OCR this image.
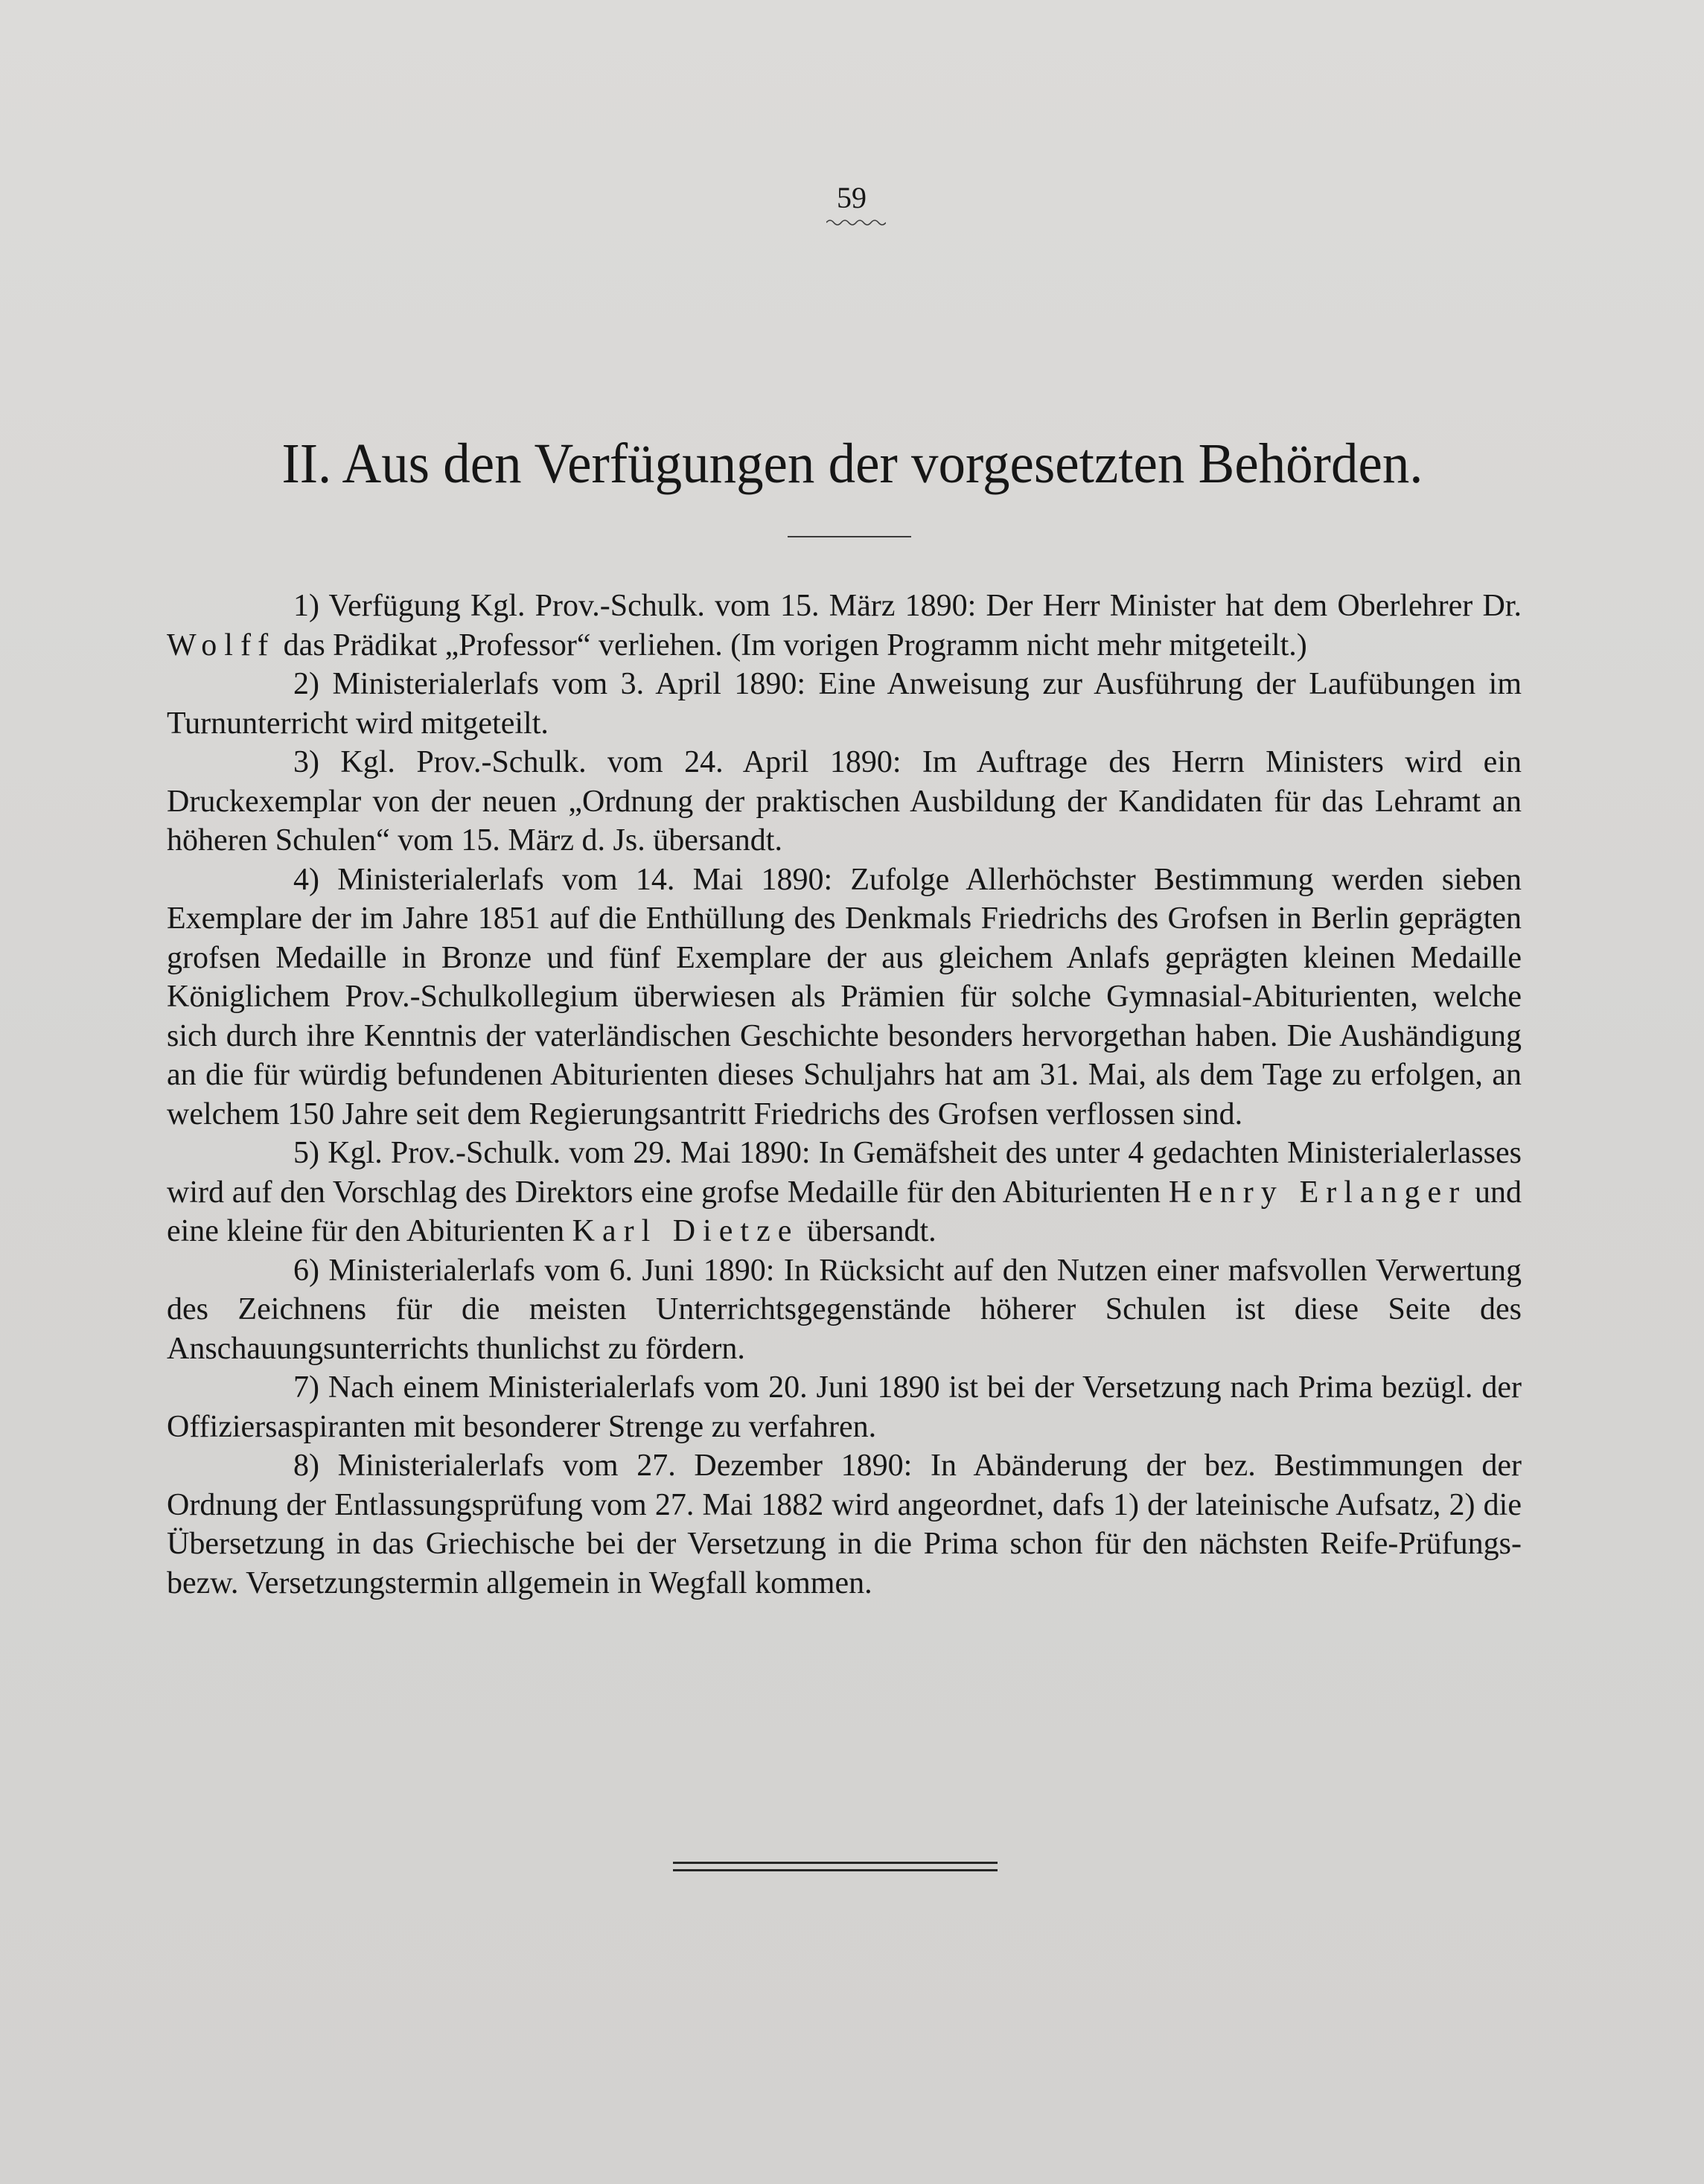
59
II. Aus den Verfügungen der vorgesetzten Behörden.

1) Verfügung Kgl. Prov.-Schulk. vom 15. März 1890: Der Herr Minister hat dem Oberlehrer Dr. Wolff das Prädikat „Professor“ verliehen. (Im vorigen Programm nicht mehr mitgeteilt.)

2) Ministerialerlafs vom 3. April 1890: Eine Anweisung zur Ausführung der Laufübungen im Turnunterricht wird mitgeteilt.

3) Kgl. Prov.-Schulk. vom 24. April 1890: Im Auftrage des Herrn Ministers wird ein Druckexemplar von der neuen „Ordnung der praktischen Ausbildung der Kandidaten für das Lehramt an höheren Schulen“ vom 15. März d. Js. übersandt.

4) Ministerialerlafs vom 14. Mai 1890: Zufolge Allerhöchster Bestimmung werden sieben Exemplare der im Jahre 1851 auf die Enthüllung des Denkmals Friedrichs des Grofsen in Berlin geprägten grofsen Medaille in Bronze und fünf Exemplare der aus gleichem Anlafs geprägten kleinen Medaille Königlichem Prov.-Schulkollegium überwiesen als Prämien für solche Gymnasial-Abiturienten, welche sich durch ihre Kenntnis der vaterländischen Geschichte besonders hervorgethan haben. Die Aushändigung an die für würdig befundenen Abiturienten dieses Schuljahrs hat am 31. Mai, als dem Tage zu erfolgen, an welchem 150 Jahre seit dem Regierungsantritt Friedrichs des Grofsen verflossen sind.

5) Kgl. Prov.-Schulk. vom 29. Mai 1890: In Gemäfsheit des unter 4 gedachten Ministerialerlasses wird auf den Vorschlag des Direktors eine grofse Medaille für den Abiturienten Henry Erlanger und eine kleine für den Abiturienten Karl Dietze übersandt.

6) Ministerialerlafs vom 6. Juni 1890: In Rücksicht auf den Nutzen einer mafsvollen Verwertung des Zeichnens für die meisten Unterrichtsgegenstände höherer Schulen ist diese Seite des Anschauungsunterrichts thunlichst zu fördern.

7) Nach einem Ministerialerlafs vom 20. Juni 1890 ist bei der Versetzung nach Prima bezügl. der Offiziersaspiranten mit besonderer Strenge zu verfahren.

8) Ministerialerlafs vom 27. Dezember 1890: In Abänderung der bez. Bestimmungen der Ordnung der Entlassungsprüfung vom 27. Mai 1882 wird angeordnet, dafs 1) der lateinische Aufsatz, 2) die Übersetzung in das Griechische bei der Versetzung in die Prima schon für den nächsten Reife-Prüfungs- bezw. Versetzungstermin allgemein in Wegfall kommen.
